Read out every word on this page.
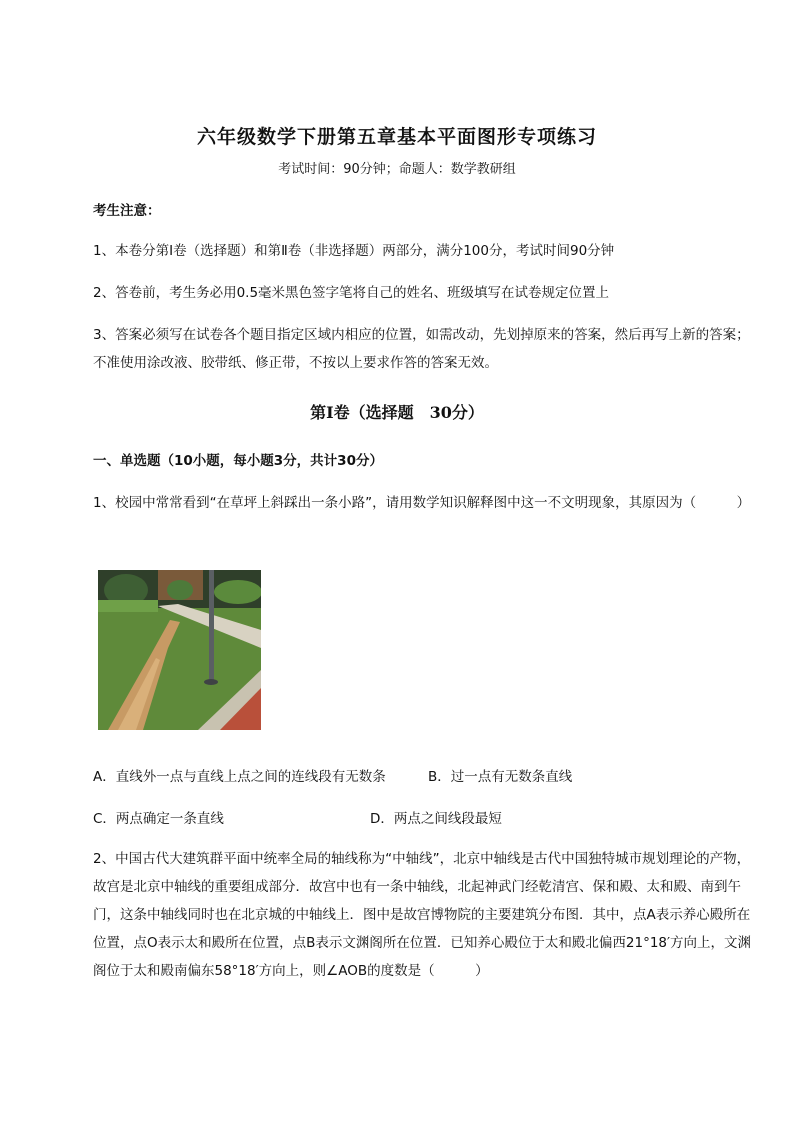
六年级数学下册第五章基本平面图形专项练习
考试时间：90分钟；命题人：数学教研组
考生注意：
1、本卷分第I卷（选择题）和第Ⅱ卷（非选择题）两部分，满分100分，考试时间90分钟
2、答卷前，考生务必用0.5毫米黑色签字笔将自己的姓名、班级填写在试卷规定位置上
3、答案必须写在试卷各个题目指定区域内相应的位置，如需改动，先划掉原来的答案，然后再写上新的答案；不准使用涂改液、胶带纸、修正带，不按以上要求作答的答案无效。
第I卷（选择题　30分）
一、单选题（10小题，每小题3分，共计30分）
1、校园中常常看到“在草坪上斜踩出一条小路”，请用数学知识解释图中这一不文明现象，其原因为（　　　）
A．直线外一点与直线上点之间的连线段有无数条	B．过一点有无数条直线
C．两点确定一条直线	D．两点之间线段最短
2、中国古代大建筑群平面中统率全局的轴线称为“中轴线”，北京中轴线是古代中国独特城市规划理论的产物，故宫是北京中轴线的重要组成部分．故宫中也有一条中轴线，北起神武门经乾清宫、保和殿、太和殿、南到午门，这条中轴线同时也在北京城的中轴线上．图中是故宫博物院的主要建筑分布图．其中，点A表示养心殿所在位置，点O表示太和殿所在位置，点B表示文渊阁所在位置．已知养心殿位于太和殿北偏西21°18′方向上，文渊阁位于太和殿南偏东58°18′方向上，则∠AOB的度数是（　　　）
